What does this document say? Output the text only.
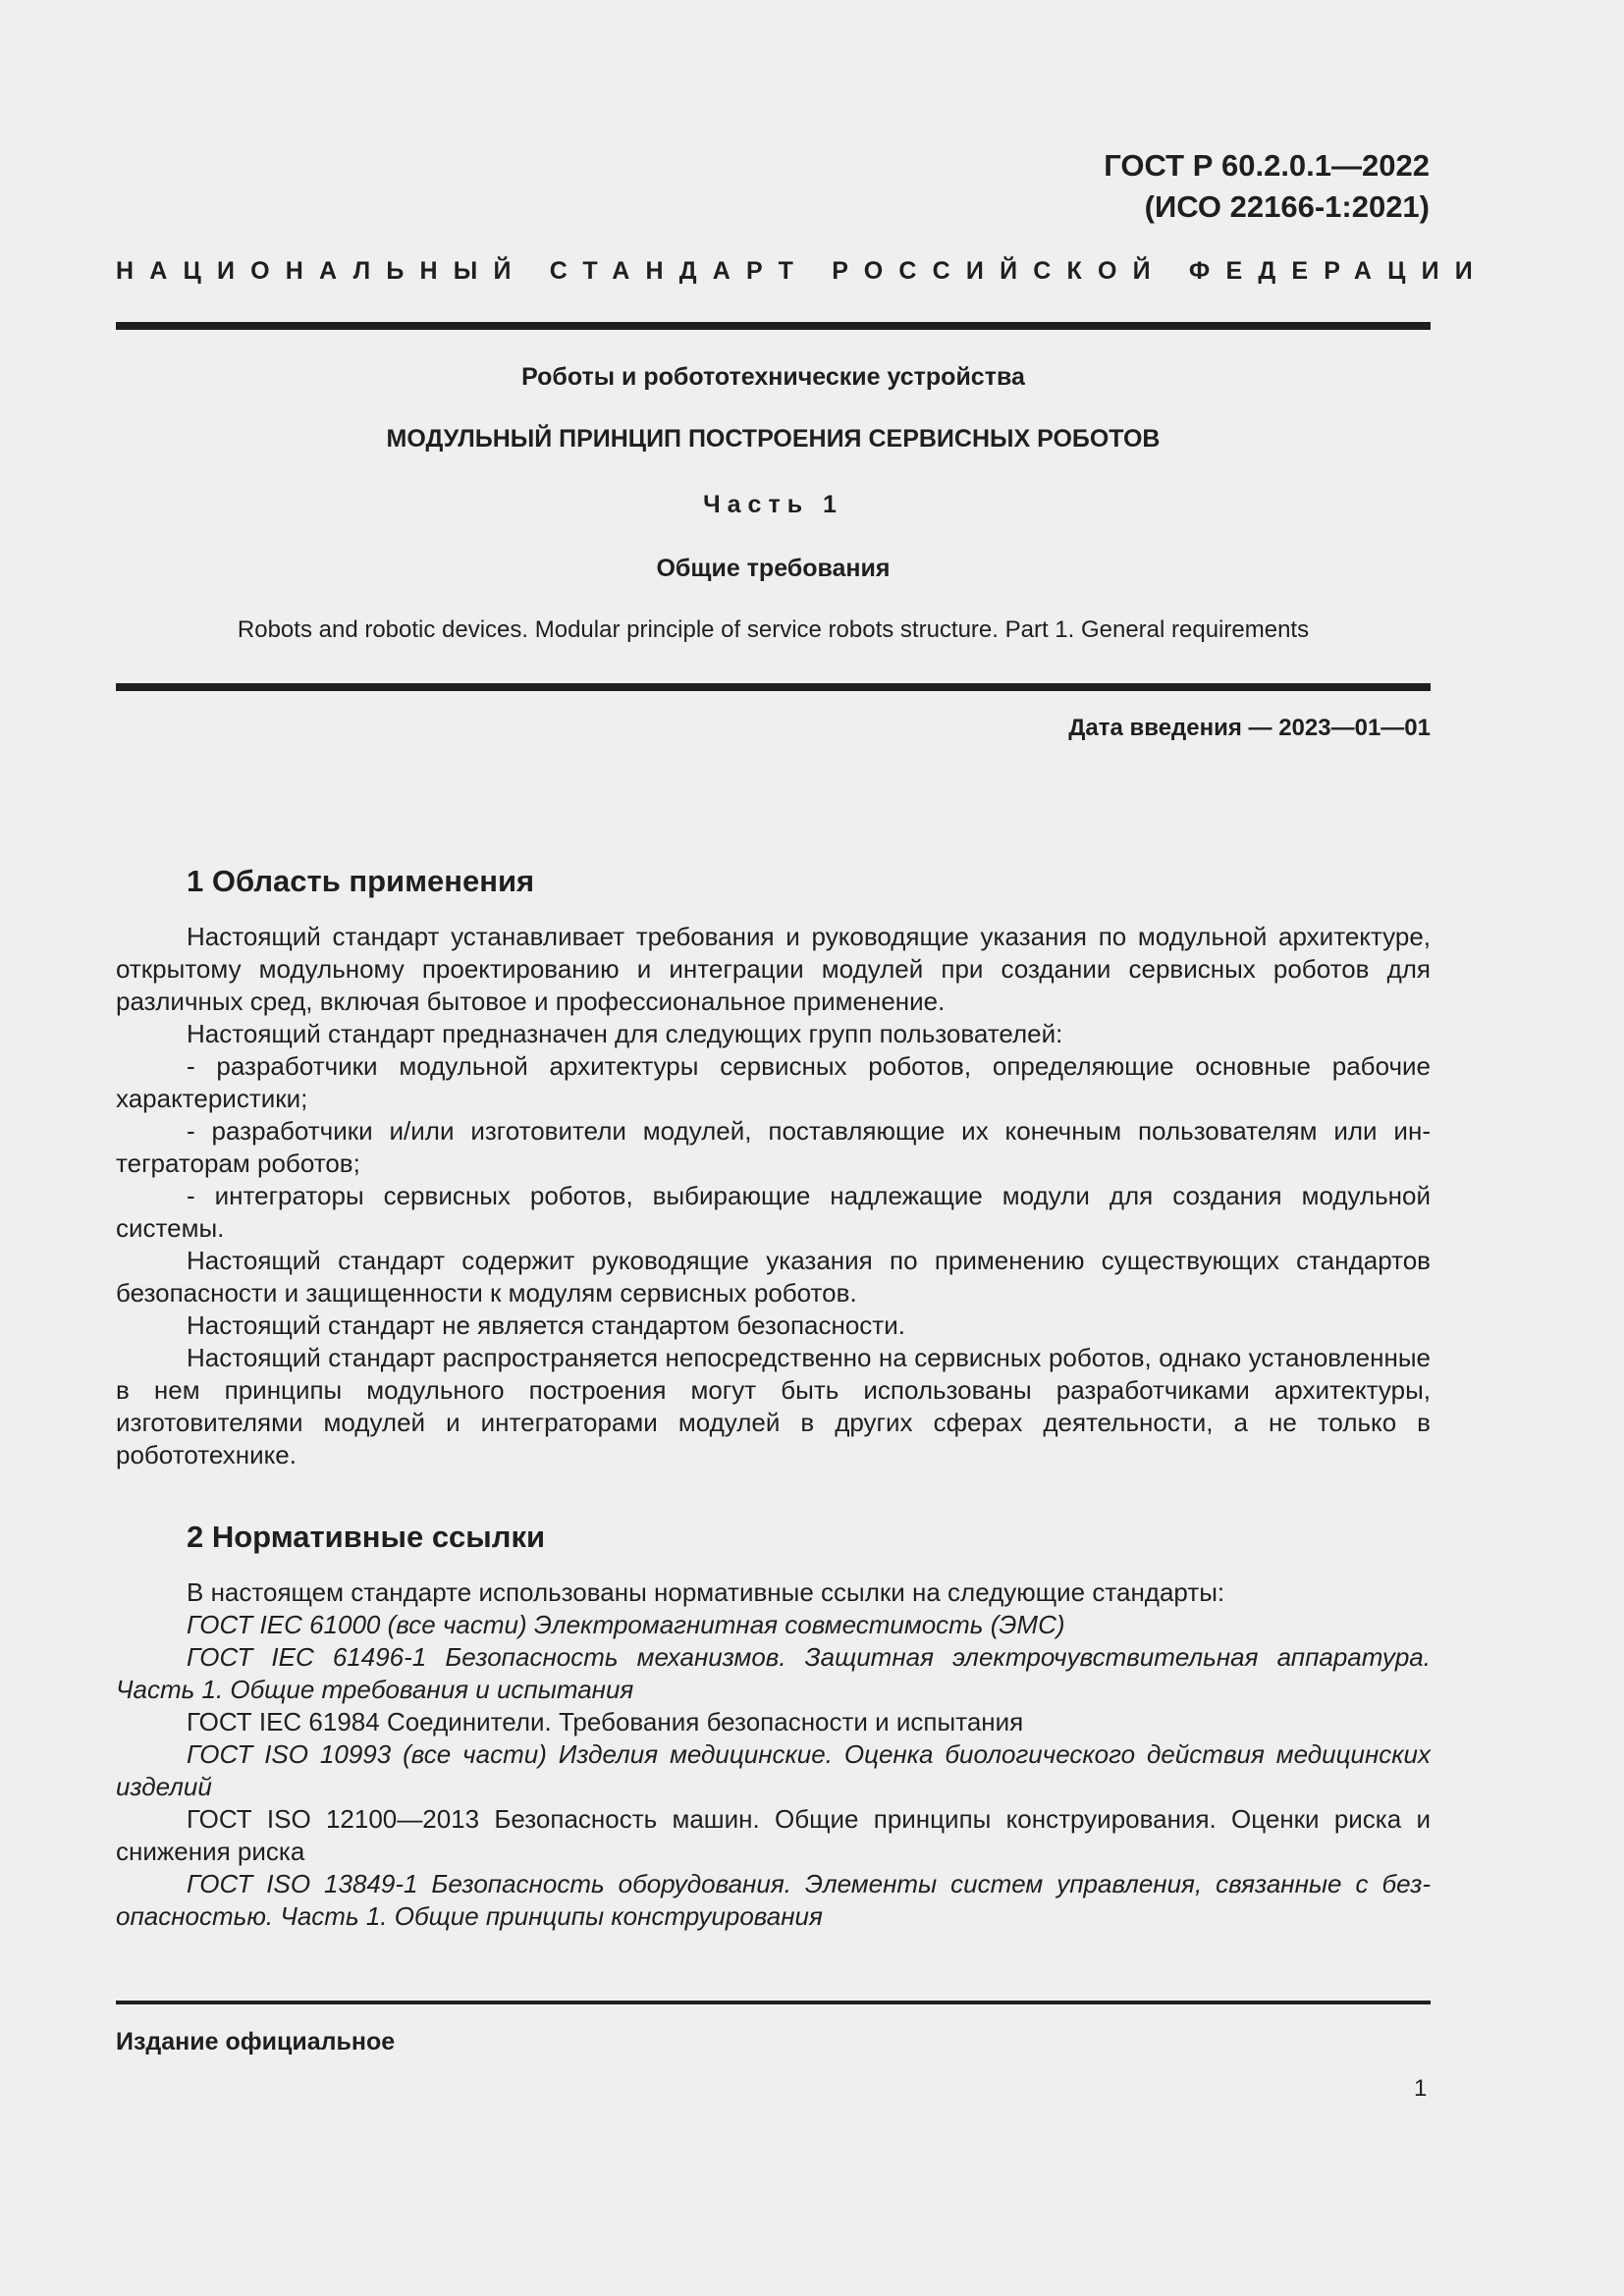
ГОСТ Р 60.2.0.1—2022
(ИСО 22166-1:2021)
НАЦИОНАЛЬНЫЙ СТАНДАРТ РОССИЙСКОЙ ФЕДЕРАЦИИ
Роботы и робототехнические устройства
МОДУЛЬНЫЙ ПРИНЦИП ПОСТРОЕНИЯ СЕРВИСНЫХ РОБОТОВ
Часть 1
Общие требования
Robots and robotic devices. Modular principle of service robots structure. Part 1. General requirements
Дата введения — 2023—01—01
1 Область применения

Настоящий стандарт устанавливает требования и руководящие указания по модульной архитектуре, открытому модульному проектированию и интеграции модулей при создании сервисных роботов для различных сред, включая бытовое и профессиональное применение.

Настоящий стандарт предназначен для следующих групп пользователей:

- разработчики модульной архитектуры сервисных роботов, определяющие основные рабочие характеристики;

- разработчики и/или изготовители модулей, поставляющие их конечным пользователям или интеграторам роботов;

- интеграторы сервисных роботов, выбирающие надлежащие модули для создания модульной системы.

Настоящий стандарт содержит руководящие указания по применению существующих стандартов безопасности и защищенности к модулям сервисных роботов.

Настоящий стандарт не является стандартом безопасности.

Настоящий стандарт распространяется непосредственно на сервисных роботов, однако установленные в нем принципы модульного построения могут быть использованы разработчиками архитектуры, изготовителями модулей и интеграторами модулей в других сферах деятельности, а не только в робототехнике.

2 Нормативные ссылки

В настоящем стандарте использованы нормативные ссылки на следующие стандарты:

ГОСТ IEC 61000 (все части) Электромагнитная совместимость (ЭМС)

ГОСТ IEC 61496-1 Безопасность механизмов. Защитная электрочувствительная аппаратура. Часть 1. Общие требования и испытания

ГОСТ IEC 61984 Соединители. Требования безопасности и испытания

ГОСТ ISO 10993 (все части) Изделия медицинские. Оценка биологического действия медицинских изделий

ГОСТ ISO 12100—2013 Безопасность машин. Общие принципы конструирования. Оценки риска и снижения риска

ГОСТ ISO 13849-1 Безопасность оборудования. Элементы систем управления, связанные с безопасностью. Часть 1. Общие принципы конструирования

Издание официальное
1
